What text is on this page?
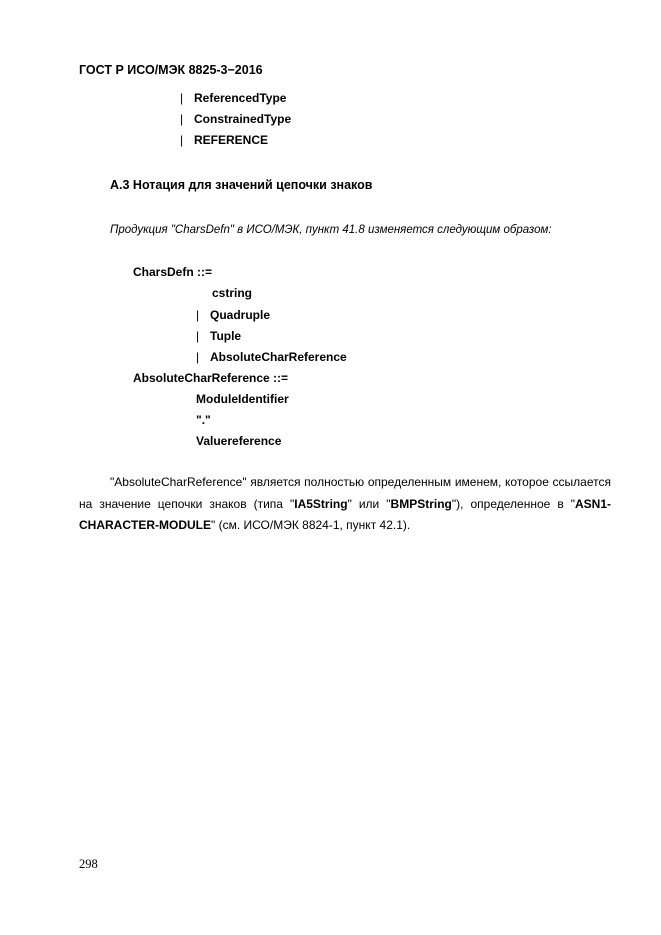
ГОСТ Р ИСО/МЭК 8825-3−2016
| ReferencedType
| ConstrainedType
| REFERENCE
A.3 Нотация для значений цепочки знаков
Продукция "CharsDefn" в ИСО/МЭК, пункт 41.8 изменяется следующим образом:
CharsDefn ::=
cstring
| Quadruple
| Tuple
| AbsoluteCharReference
AbsoluteCharReference ::=
ModuleIdentifier
"."
Valuereference
"AbsoluteCharReference" является полностью определенным именем, которое ссылается на значение цепочки знаков (типа "IA5String" или "BMPString"), определенное в "ASN1-CHARACTER-MODULE" (см. ИСО/МЭК 8824-1, пункт 42.1).
298
